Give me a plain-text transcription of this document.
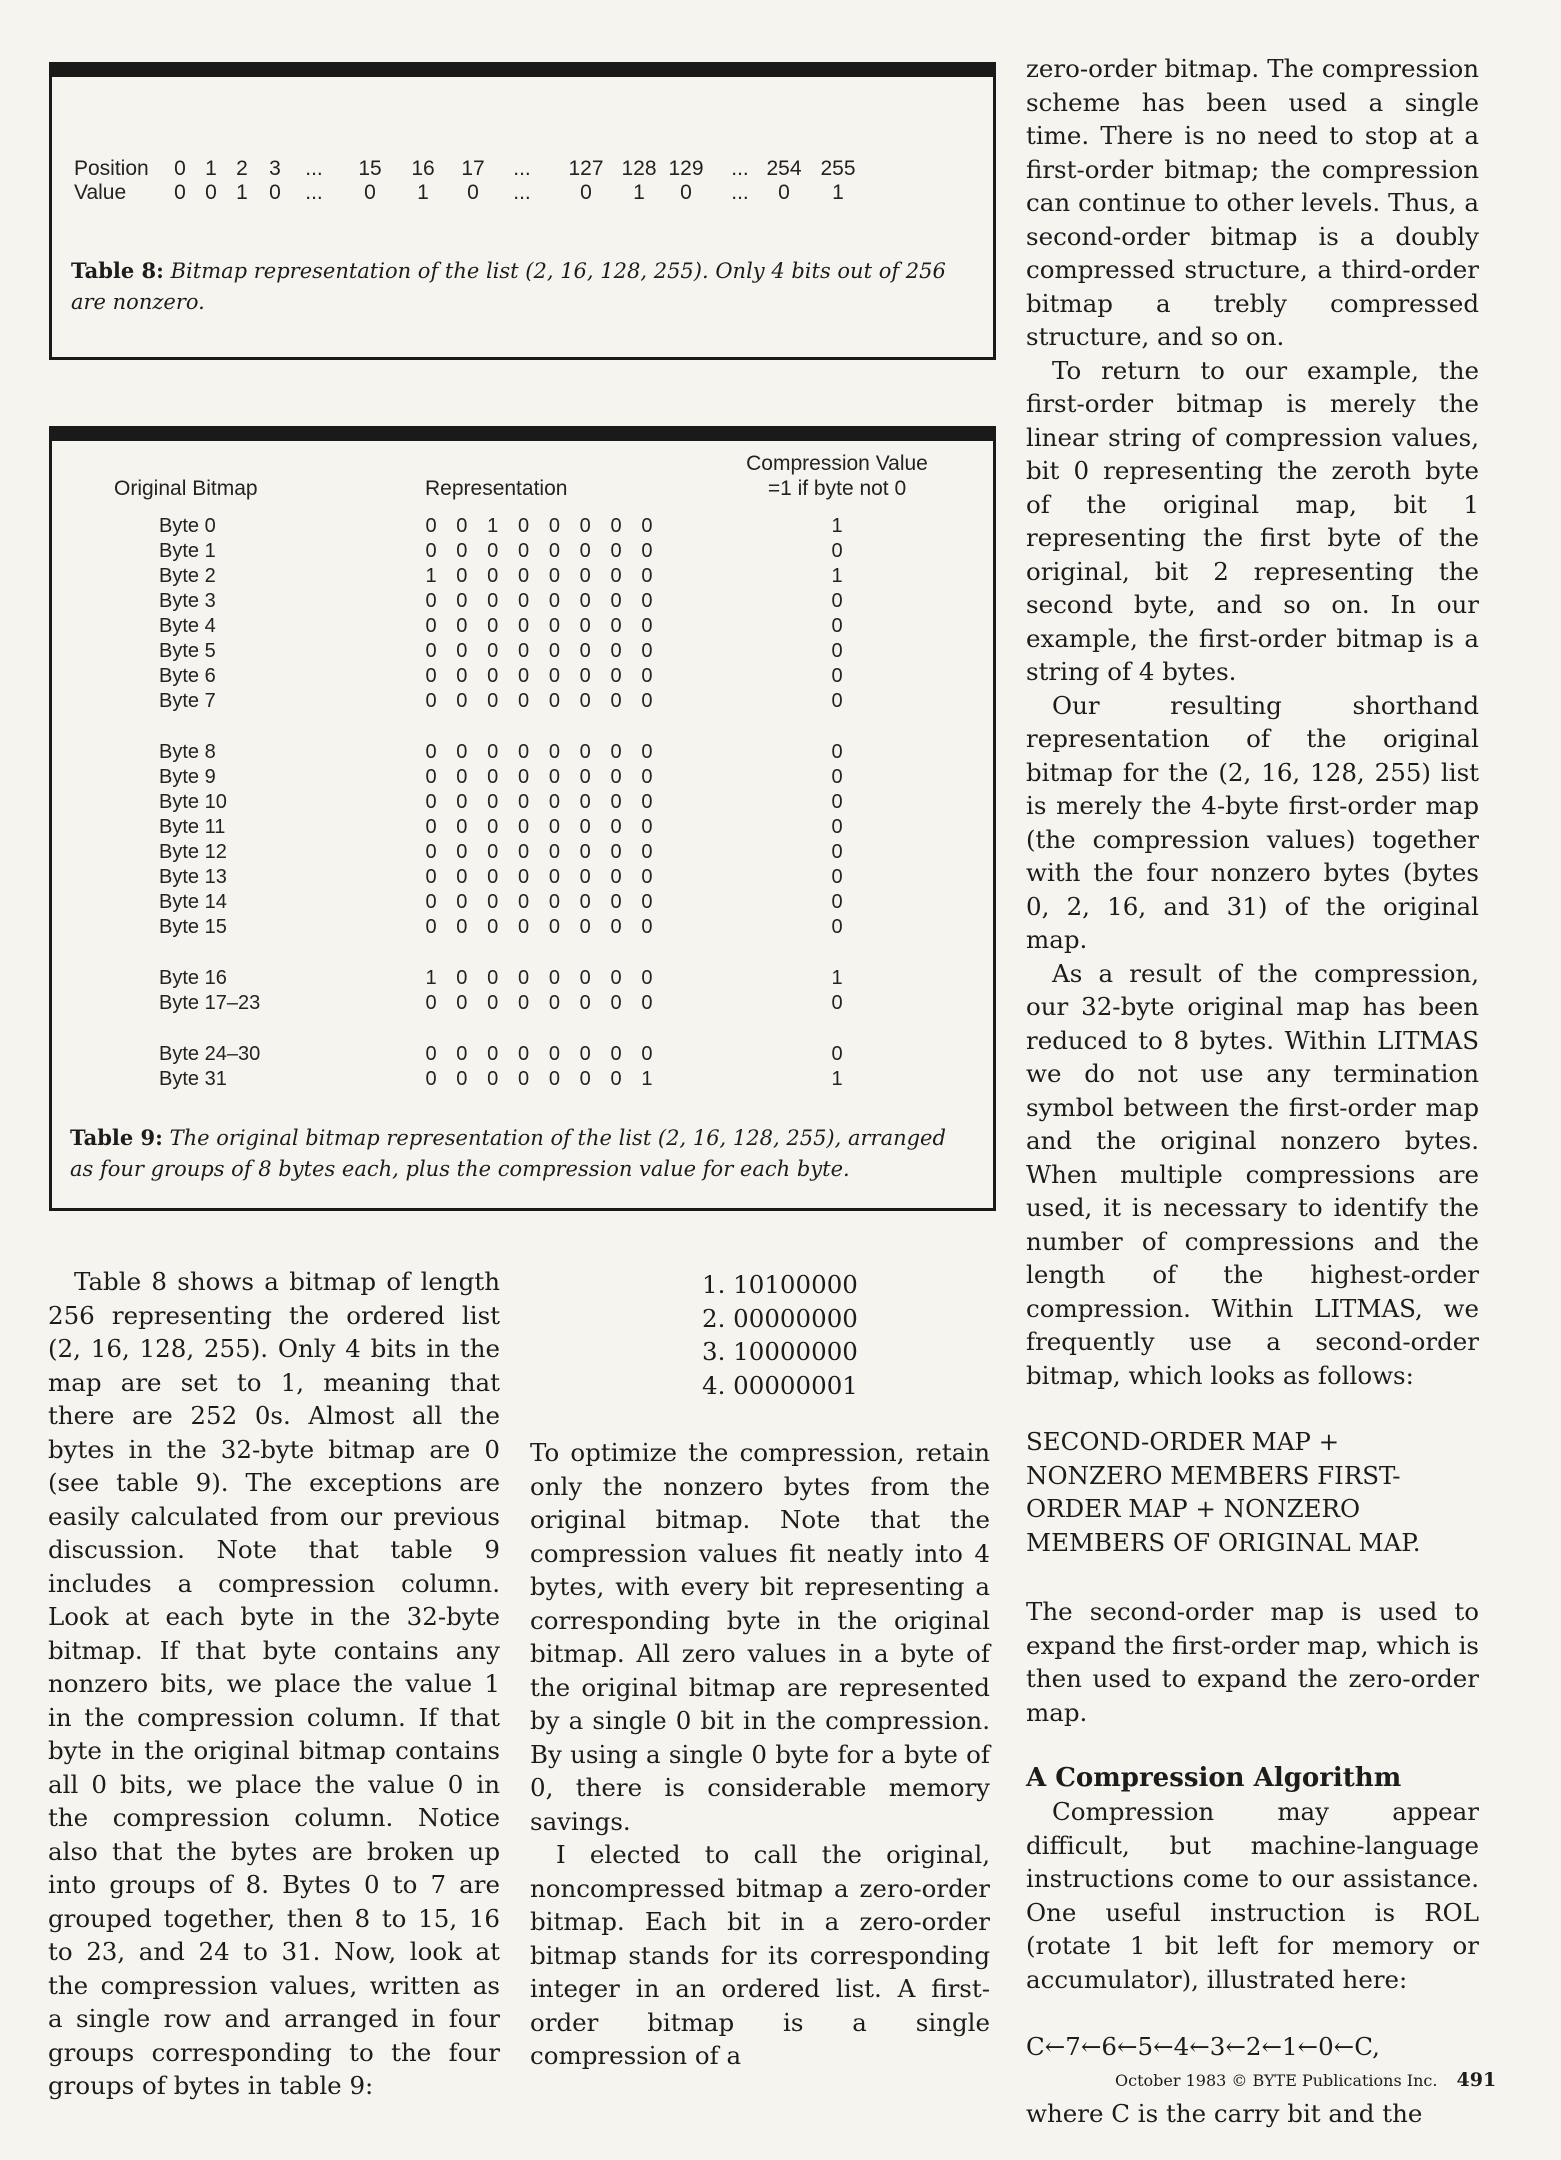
Position	0 1 2	3	...	15	16	17	...	127 128 129	... 254 255
Value	0 0 1	0	...	0	1	0	...	0	1	0	...	0	1
Table 8: Bitmap representation of the list (2, 16, 128, 255). Only 4 bits out of 256 are nonzero.
Original Bitmap	Representation
Compression Value
=1 if byte not 0
Byte 0	0 0 1 0 0 0 0 0	1
Byte 1	0 0 0 0 0 0 0 0	0
Byte 2	1 0 0 0 0 0 0 0	1
Byte 3	0 0 0 0 0 0 0 0	0
Byte 4	0 0 0 0 0 0 0 0	0
Byte 5	0 0 0 0 0 0 0 0	0
Byte 6	0 0 0 0 0 0 0 0	0
Byte 7	0 0 0 0 0 0 0 0	0
Byte 8	0 0 0 0 0 0 0 0	0
Byte 9	0 0 0 0 0 0 0 0	0
Byte 10	0 0 0 0 0 0 0 0	0
Byte 11	0 0 0 0 0 0 0 0	0
Byte 12	0 0 0 0 0 0 0 0	0
Byte 13	0 0 0 0 0 0 0 0	0
Byte 14	0 0 0 0 0 0 0 0	0
Byte 15	0 0 0 0 0 0 0 0	0
Byte 16	1 0 0 0 0 0 0 0	1
Byte 17–23	0 0 0 0 0 0 0 0	0
Byte 24–30	0 0 0 0 0 0 0 0	0
Byte 31	0 0 0 0 0 0 0 1	1
Table 9: The original bitmap representation of the list (2, 16, 128, 255), arranged as four groups of 8 bytes each, plus the compression value for each byte.

Table 8 shows a bitmap of length 256 representing the ordered list (2, 16, 128, 255). Only 4 bits in the map are set to 1, meaning that there are 252 0s. Almost all the bytes in the 32-byte bitmap are 0 (see table 9). The exceptions are easily calculated from our previous discussion. Note that table 9 includes a compression column. Look at each byte in the 32-byte bitmap. If that byte contains any nonzero bits, we place the value 1 in the compression column. If that byte in the original bitmap contains all 0 bits, we place the value 0 in the compression column. Notice also that the bytes are broken up into groups of 8. Bytes 0 to 7 are grouped together, then 8 to 15, 16 to 23, and 24 to 31. Now, look at the compression values, written as a single row and arranged in four groups corresponding to the four groups of bytes in table 9:

1. 10100000
2. 00000000
3. 10000000
4. 00000001

To optimize the compression, retain only the nonzero bytes from the original bitmap. Note that the compression values fit neatly into 4 bytes, with every bit representing a corresponding byte in the original bitmap. All zero values in a byte of the original bitmap are represented by a single 0 bit in the compression. By using a single 0 byte for a byte of 0, there is considerable memory savings.

I elected to call the original, noncompressed bitmap a zero-order bitmap. Each bit in a zero-order bitmap stands for its corresponding integer in an ordered list. A first-order bitmap is a single compression of a

zero-order bitmap. The compression scheme has been used a single time. There is no need to stop at a first-order bitmap; the compression can continue to other levels. Thus, a second-order bitmap is a doubly compressed structure, a third-order bitmap a trebly compressed structure, and so on.

To return to our example, the first-order bitmap is merely the linear string of compression values, bit 0 representing the zeroth byte of the original map, bit 1 representing the first byte of the original, bit 2 representing the second byte, and so on. In our example, the first-order bitmap is a string of 4 bytes.

Our resulting shorthand representation of the original bitmap for the (2, 16, 128, 255) list is merely the 4-byte first-order map (the compression values) together with the four nonzero bytes (bytes 0, 2, 16, and 31) of the original map.

As a result of the compression, our 32-byte original map has been reduced to 8 bytes. Within LITMAS we do not use any termination symbol between the first-order map and the original nonzero bytes. When multiple compressions are used, it is necessary to identify the number of compressions and the length of the highest-order compression. Within LITMAS, we frequently use a second-order bitmap, which looks as follows:

SECOND-ORDER MAP + NONZERO MEMBERS FIRST-ORDER MAP + NONZERO MEMBERS OF ORIGINAL MAP.

The second-order map is used to expand the first-order map, which is then used to expand the zero-order map.

A Compression Algorithm

Compression may appear difficult, but machine-language instructions come to our assistance. One useful instruction is ROL (rotate 1 bit left for memory or accumulator), illustrated here:

C←7←6←5←4←3←2←1←0←C,

where C is the carry bit and the

October 1983 © BYTE Publications Inc. 491
